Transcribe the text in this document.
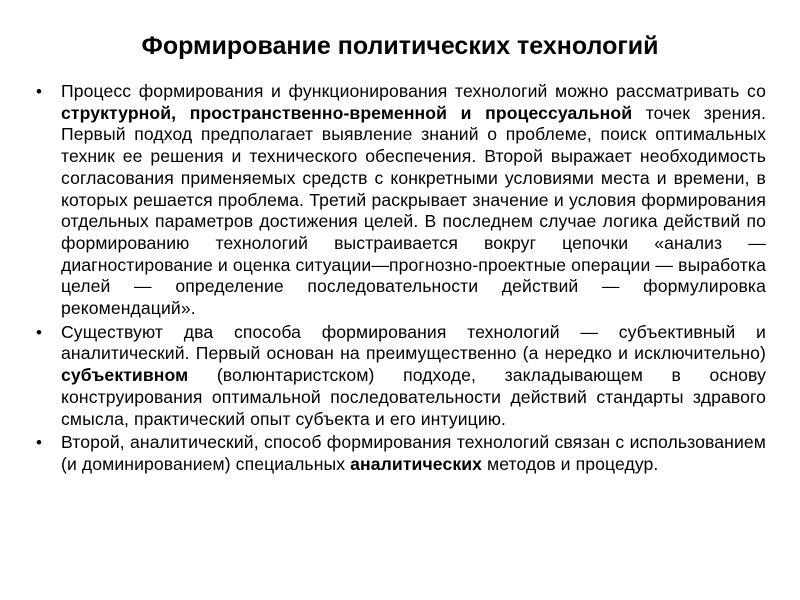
Формирование политических технологий
•	Процесс формирования и функционирования технологий можно рассматривать со структурной, пространственно-временной и процессуальной точек зрения. Первый подход предполагает выявление знаний о проблеме, поиск оптимальных техник ее решения и технического обеспечения. Второй выражает необходимость согласования применяемых средств с конкретными условиями места и времени, в которых решается проблема. Третий раскрывает значение и условия формирования отдельных параметров достижения целей. В последнем случае логика действий по формированию технологий выстраивается вокруг цепочки «анализ — диагностирование и оценка ситуации—прогнозно-проектные операции — выработка целей — определение последовательности действий — формулировка рекомендаций».
•	Существуют два способа формирования технологий — субъективный и аналитический. Первый основан на преимущественно (а нередко и исключительно) субъективном (волюнтаристском) подходе, закладывающем в основу конструирования оптимальной последовательности действий стандарты здравого смысла, практический опыт субъекта и его интуицию.
•	Второй, аналитический, способ формирования технологий связан с использованием (и доминированием) специальных аналитических методов и процедур.
